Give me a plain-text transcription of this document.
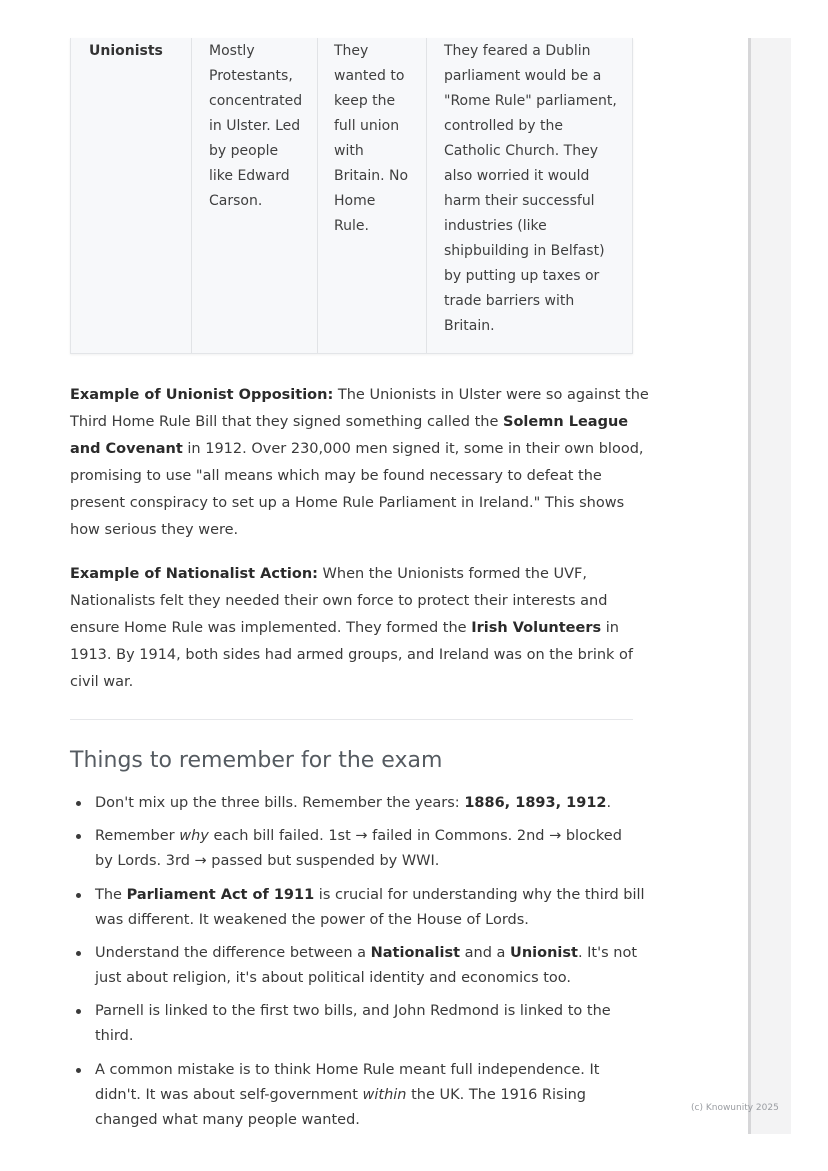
Unionists	Mostly
Protestants,
concentrated
in Ulster. Led
by people
like Edward
Carson.
They
wanted to
keep the
full union
with
Britain. No
Home
Rule.
They feared a Dublin
parliament would be a
"Rome Rule" parliament,
controlled by the
Catholic Church. They
also worried it would
harm their successful
industries (like
shipbuilding in Belfast)
by putting up taxes or
trade barriers with
Britain.
Example of Unionist Opposition: The Unionists in Ulster were so against the
Third Home Rule Bill that they signed something called the Solemn League
and Covenant in 1912. Over 230,000 men signed it, some in their own blood,
promising to use "all means which may be found necessary to defeat the
present conspiracy to set up a Home Rule Parliament in Ireland." This shows
how serious they were.
Example of Nationalist Action: When the Unionists formed the UVF,
Nationalists felt they needed their own force to protect their interests and
ensure Home Rule was implemented. They formed the Irish Volunteers in
1913. By 1914, both sides had armed groups, and Ireland was on the brink of
civil war.
Things to remember for the exam
Don't mix up the three bills. Remember the years: 1886, 1893, 1912.
Remember why each bill failed. 1st → failed in Commons. 2nd → blocked
by Lords. 3rd → passed but suspended by WWI.
The Parliament Act of 1911 is crucial for understanding why the third bill
was different. It weakened the power of the House of Lords.
Understand the difference between a Nationalist and a Unionist. It's not
just about religion, it's about political identity and economics too.
Parnell is linked to the first two bills, and John Redmond is linked to the
third.
A common mistake is to think Home Rule meant full independence. It
didn't. It was about self-government within the UK. The 1916 Rising
changed what many people wanted.
(c) Knowunity 2025
